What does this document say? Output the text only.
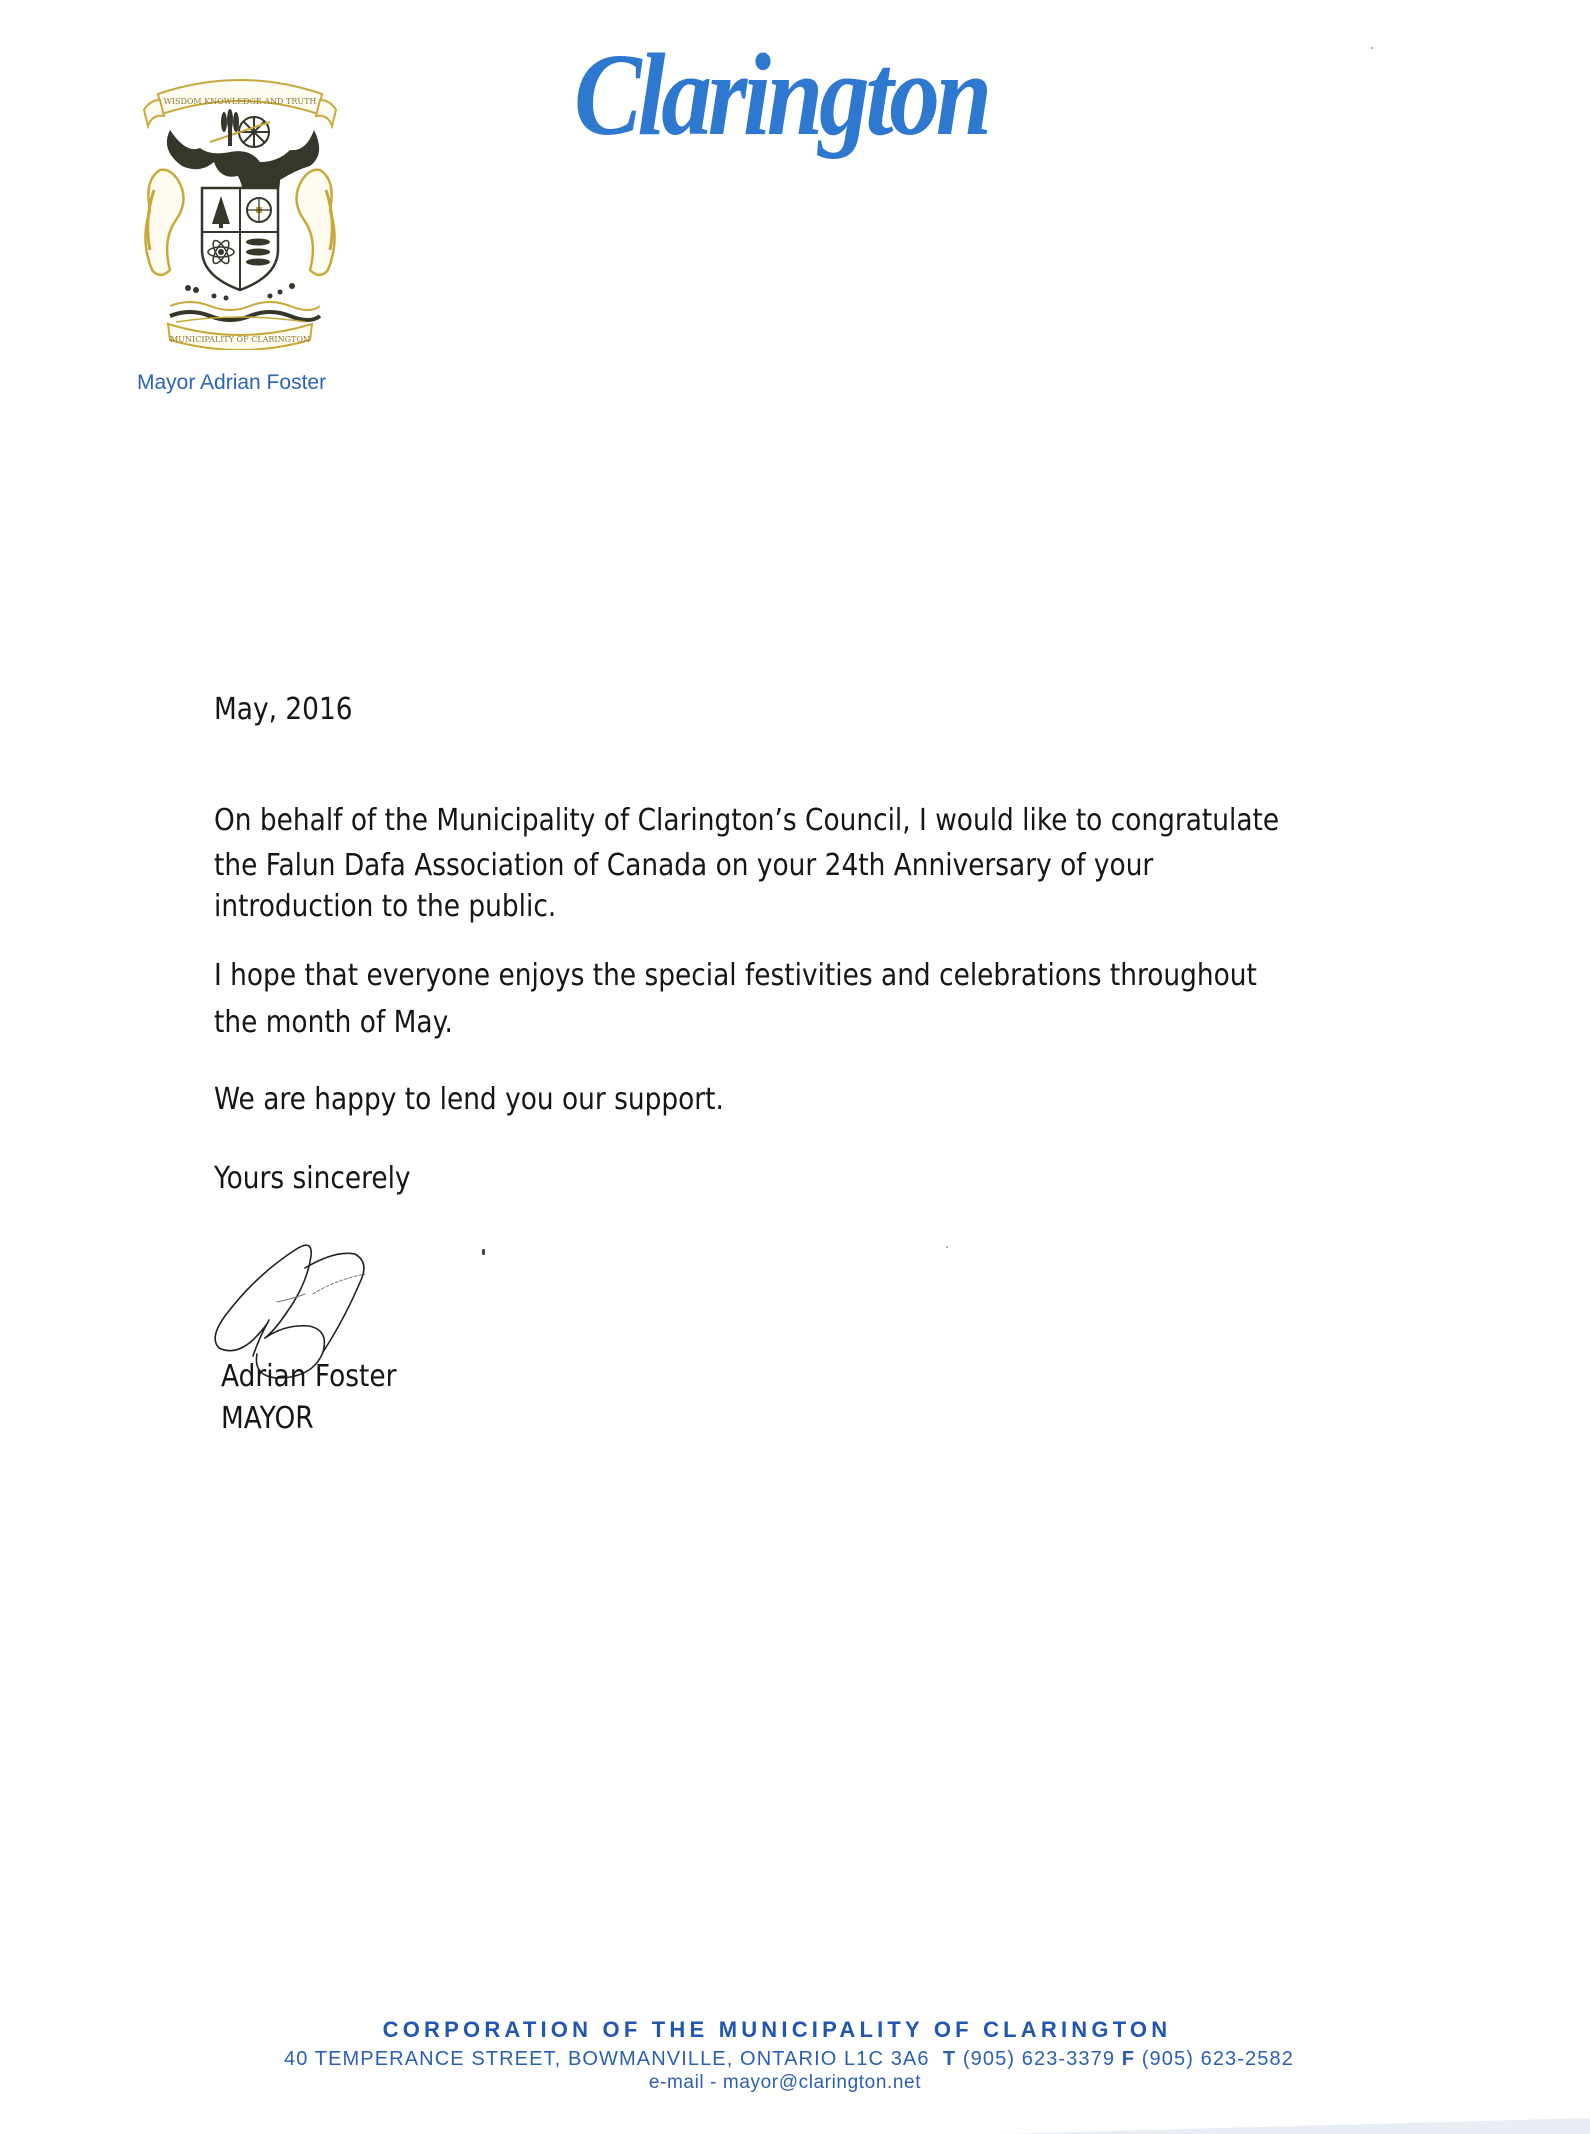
WISDOM KNOWLEDGE AND TRUTH
MUNICIPALITY OF CLARINGTON
Mayor Adrian Foster
Clarington
May, 2016
On behalf of the Municipality of Clarington’s Council, I would like to congratulate
the Falun Dafa Association of Canada on your 24th Anniversary of your
introduction to the public.
I hope that everyone enjoys the special festivities and celebrations throughout
the month of May.
We are happy to lend you our support.
Yours sincerely
Adrian Foster
MAYOR
CORPORATION OF THE MUNICIPALITY OF CLARINGTON
40 TEMPERANCE STREET, BOWMANVILLE, ONTARIO L1C 3A6 T (905) 623-3379 F (905) 623-2582
e-mail - mayor@clarington.net
